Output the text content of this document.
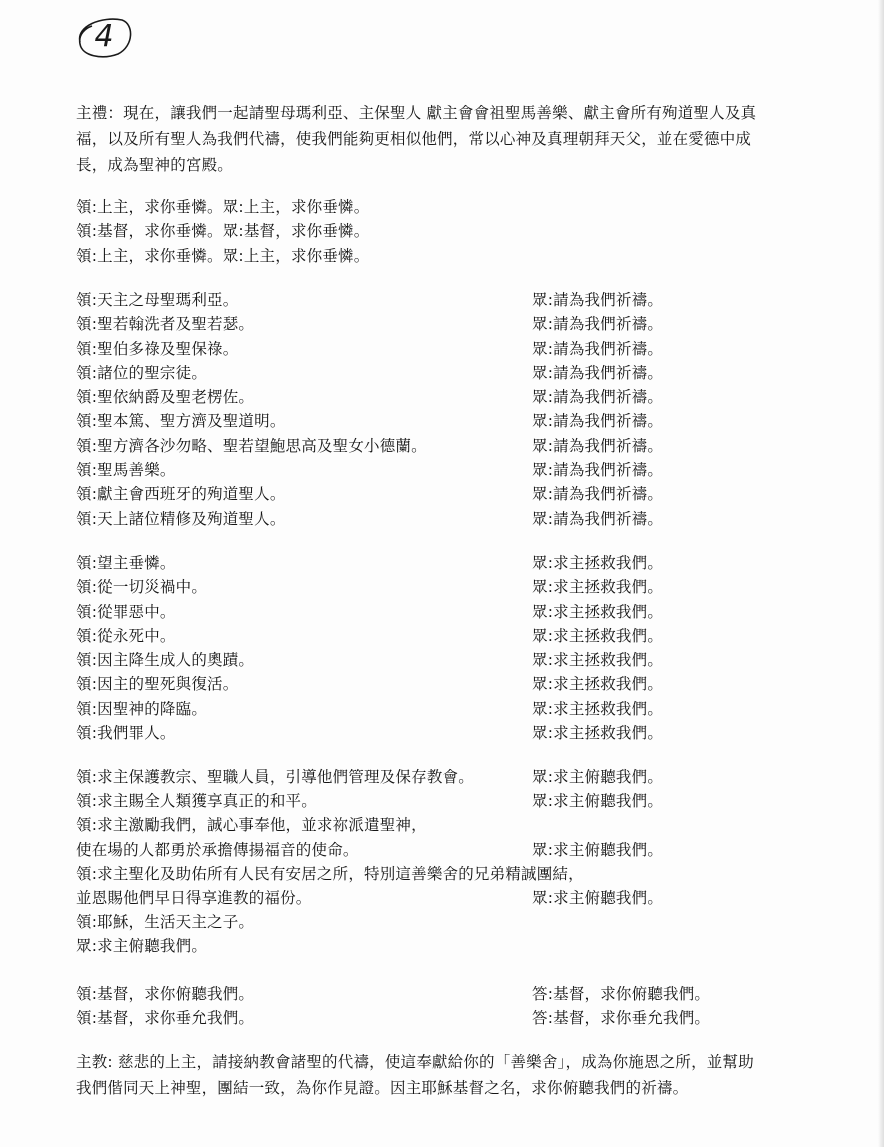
4
主禮：現在，讓我們一起請聖母瑪利亞、主保聖人 獻主會會祖聖馬善樂、獻主會所有殉道聖人及真
福，以及所有聖人為我們代禱，使我們能夠更相似他們，常以心神及真理朝拜天父，並在愛德中成
長，成為聖神的宮殿。
領:上主，求你垂憐。眾:上主，求你垂憐。
領:基督，求你垂憐。眾:基督，求你垂憐。
領:上主，求你垂憐。眾:上主，求你垂憐。
領:天主之母聖瑪利亞。	眾:請為我們祈禱。
領:聖若翰洗者及聖若瑟。	眾:請為我們祈禱。
領:聖伯多祿及聖保祿。	眾:請為我們祈禱。
領:諸位的聖宗徒。	眾:請為我們祈禱。
領:聖依納爵及聖老楞佐。	眾:請為我們祈禱。
領:聖本篤、聖方濟及聖道明。	眾:請為我們祈禱。
領:聖方濟各沙勿略、聖若望鮑思高及聖女小德蘭。	眾:請為我們祈禱。
領:聖馬善樂。	眾:請為我們祈禱。
領:獻主會西班牙的殉道聖人。	眾:請為我們祈禱。
領:天上諸位精修及殉道聖人。	眾:請為我們祈禱。
領:望主垂憐。	眾:求主拯救我們。
領:從一切災禍中。	眾:求主拯救我們。
領:從罪惡中。	眾:求主拯救我們。
領:從永死中。	眾:求主拯救我們。
領:因主降生成人的奧蹟。	眾:求主拯救我們。
領:因主的聖死與復活。	眾:求主拯救我們。
領:因聖神的降臨。	眾:求主拯救我們。
領:我們罪人。	眾:求主拯救我們。
領:求主保護教宗、聖職人員，引導他們管理及保存教會。	眾:求主俯聽我們。
領:求主賜全人類獲享真正的和平。	眾:求主俯聽我們。
領:求主激勵我們，誠心事奉他，並求祢派遣聖神，
使在場的人都勇於承擔傳揚福音的使命。	眾:求主俯聽我們。
領:求主聖化及助佑所有人民有安居之所，特別這善樂舍的兄弟精誠團結，
並恩賜他們早日得享進教的福份。	眾:求主俯聽我們。
領:耶穌，生活天主之子。
眾:求主俯聽我們。
領:基督，求你俯聽我們。	答:基督，求你俯聽我們。
領:基督，求你垂允我們。	答:基督，求你垂允我們。
主教: 慈悲的上主，請接納教會諸聖的代禱，使這奉獻給你的「善樂舍」，成為你施恩之所，並幫助
我們偕同天上神聖，團結一致，為你作見證。因主耶穌基督之名，求你俯聽我們的祈禱。
